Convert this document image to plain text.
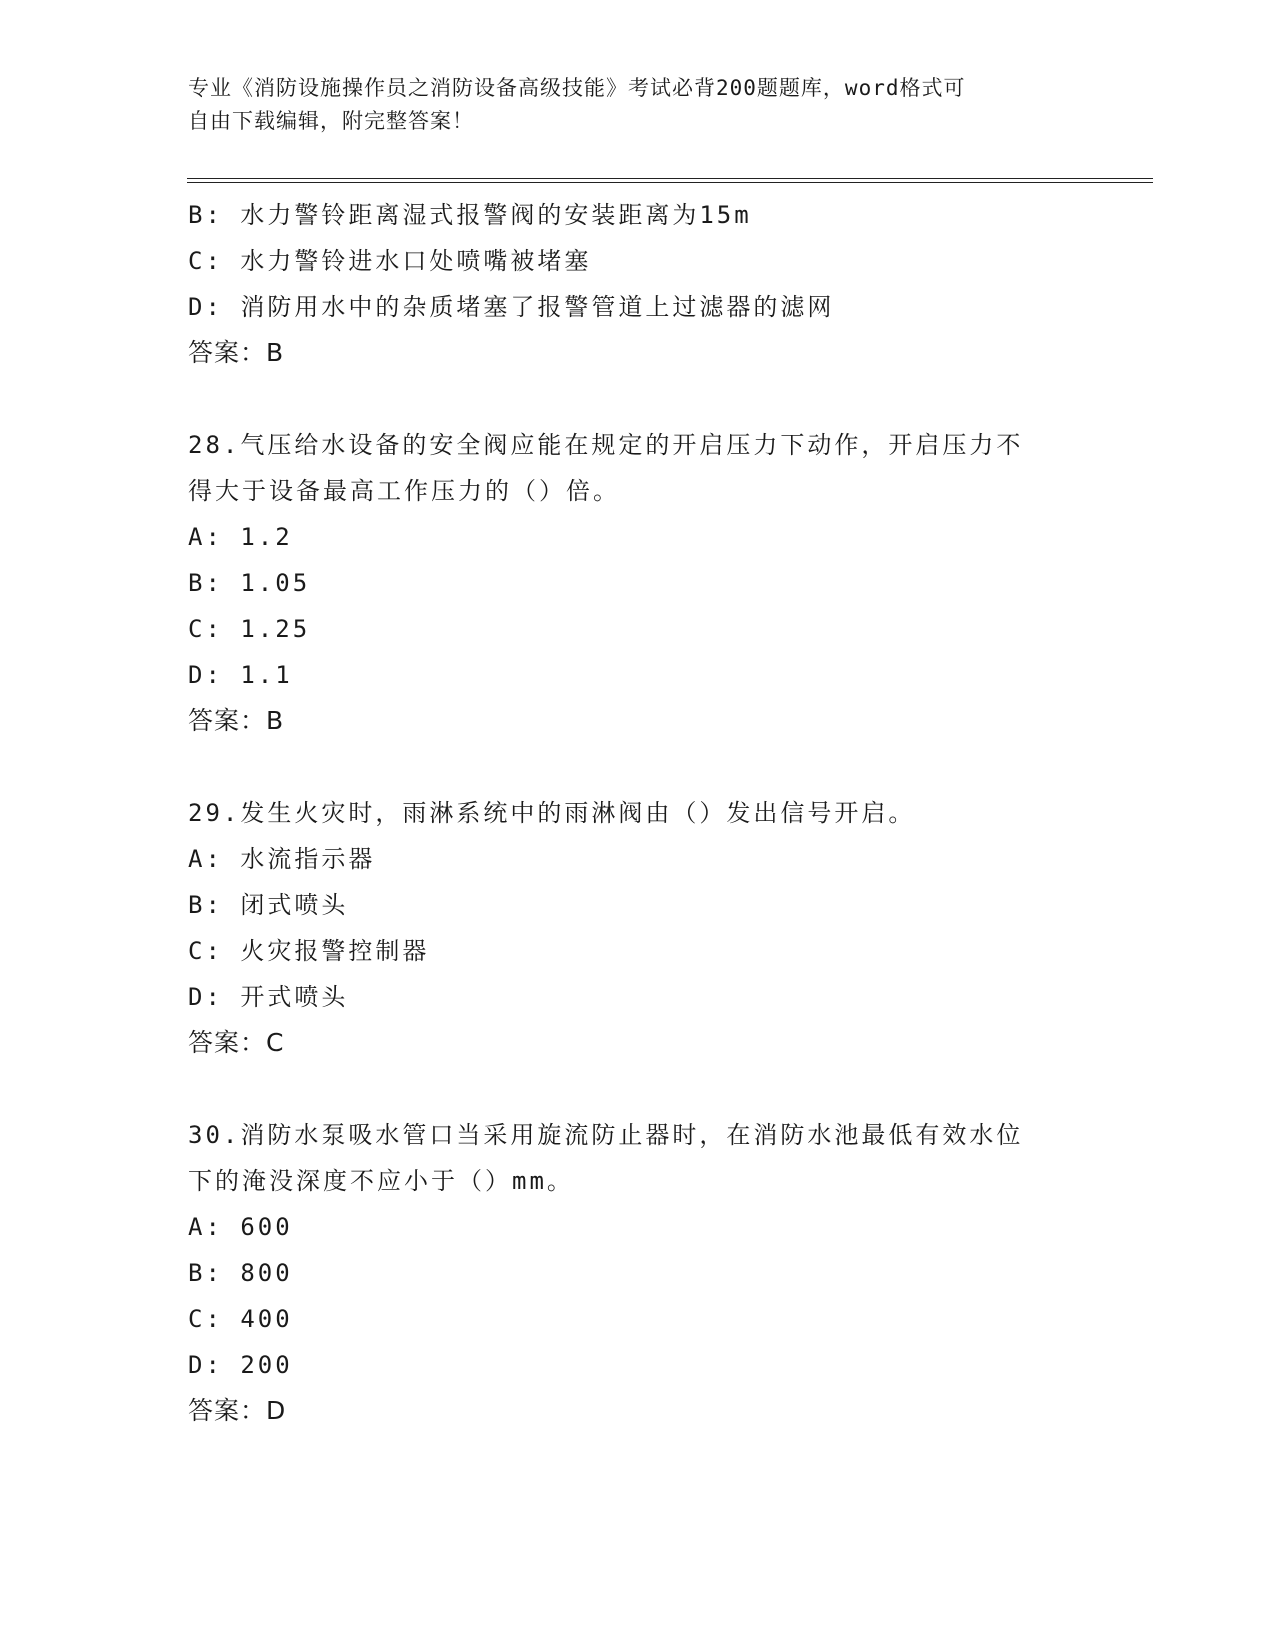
专业《消防设施操作员之消防设备高级技能》考试必背200题题库，word格式可
自由下载编辑，附完整答案！
B: 水力警铃距离湿式报警阀的安装距离为15m
C: 水力警铃进水口处喷嘴被堵塞
D: 消防用水中的杂质堵塞了报警管道上过滤器的滤网
答案：B
28.气压给水设备的安全阀应能在规定的开启压力下动作，开启压力不
得大于设备最高工作压力的（）倍。
A: 1.2
B: 1.05
C: 1.25
D: 1.1
答案：B
29.发生火灾时，雨淋系统中的雨淋阀由（）发出信号开启。
A: 水流指示器
B: 闭式喷头
C: 火灾报警控制器
D: 开式喷头
答案：C
30.消防水泵吸水管口当采用旋流防止器时，在消防水池最低有效水位
下的淹没深度不应小于（）mm。
A: 600
B: 800
C: 400
D: 200
答案：D
